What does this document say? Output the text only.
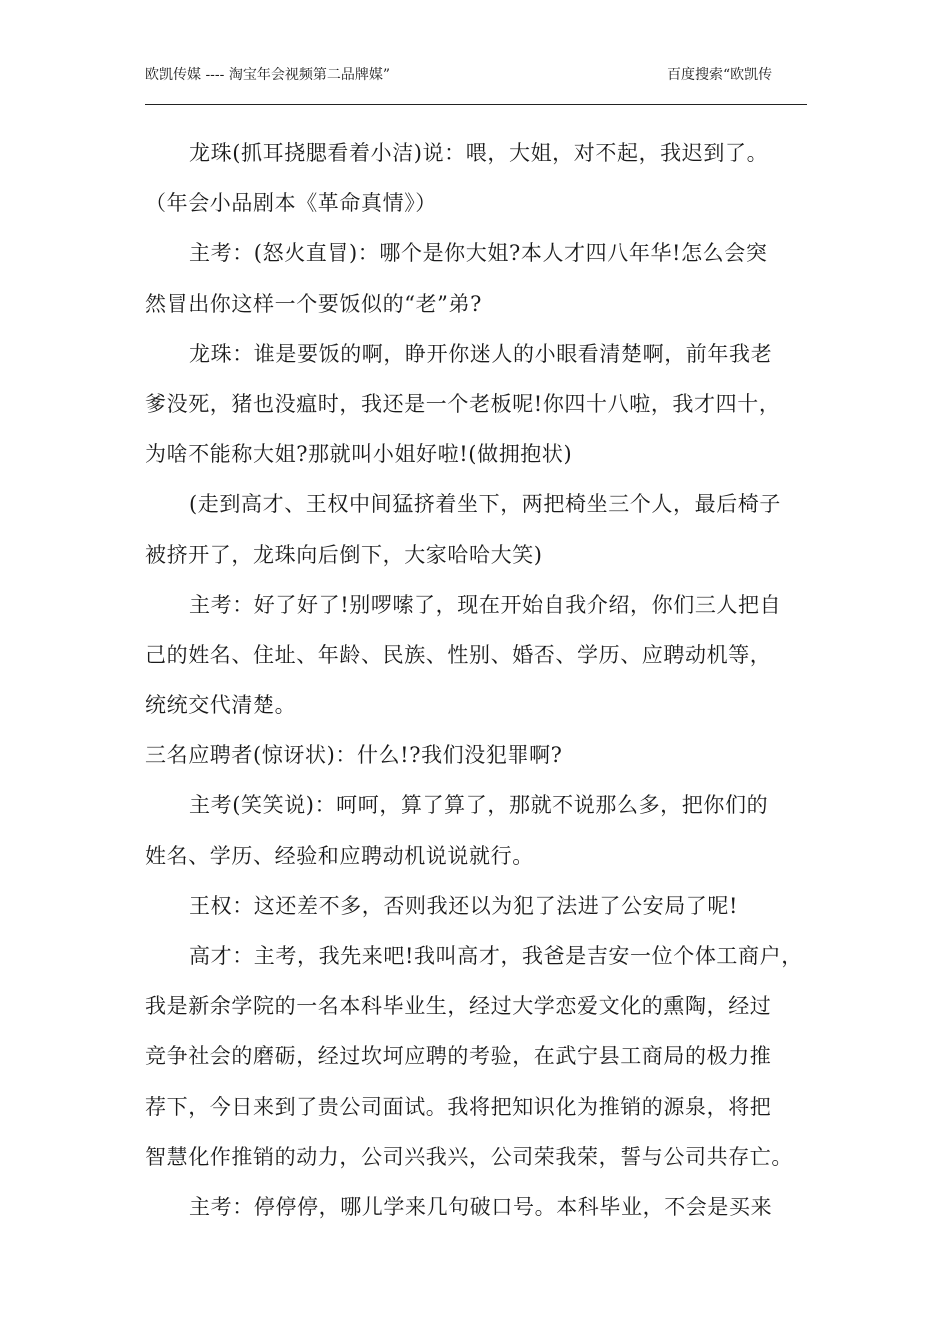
欧凯传媒 ---- 淘宝年会视频第二品牌媒”	百度搜索“欧凯传
龙珠(抓耳挠腮看着小洁)说：喂，大姐，对不起，我迟到了。
（年会小品剧本《革命真情》）
主考：(怒火直冒)：哪个是你大姐?本人才四八年华!怎么会突
然冒出你这样一个要饭似的“老”弟?
龙珠：谁是要饭的啊，睁开你迷人的小眼看清楚啊，前年我老
爹没死，猪也没瘟时，我还是一个老板呢!你四十八啦，我才四十，
为啥不能称大姐?那就叫小姐好啦!(做拥抱状)
(走到高才、王权中间猛挤着坐下，两把椅坐三个人，最后椅子
被挤开了，龙珠向后倒下，大家哈哈大笑)
主考：好了好了!别啰嗦了，现在开始自我介绍，你们三人把自
己的姓名、住址、年龄、民族、性别、婚否、学历、应聘动机等，
统统交代清楚。
三名应聘者(惊讶状)：什么!?我们没犯罪啊?
主考(笑笑说)：呵呵，算了算了，那就不说那么多，把你们的
姓名、学历、经验和应聘动机说说就行。
王权：这还差不多，否则我还以为犯了法进了公安局了呢!
高才：主考，我先来吧!我叫高才，我爸是吉安一位个体工商户，
我是新余学院的一名本科毕业生，经过大学恋爱文化的熏陶，经过
竞争社会的磨砺，经过坎坷应聘的考验，在武宁县工商局的极力推
荐下，今日来到了贵公司面试。我将把知识化为推销的源泉，将把
智慧化作推销的动力，公司兴我兴，公司荣我荣，誓与公司共存亡。
主考：停停停，哪儿学来几句破口号。本科毕业，不会是买来
